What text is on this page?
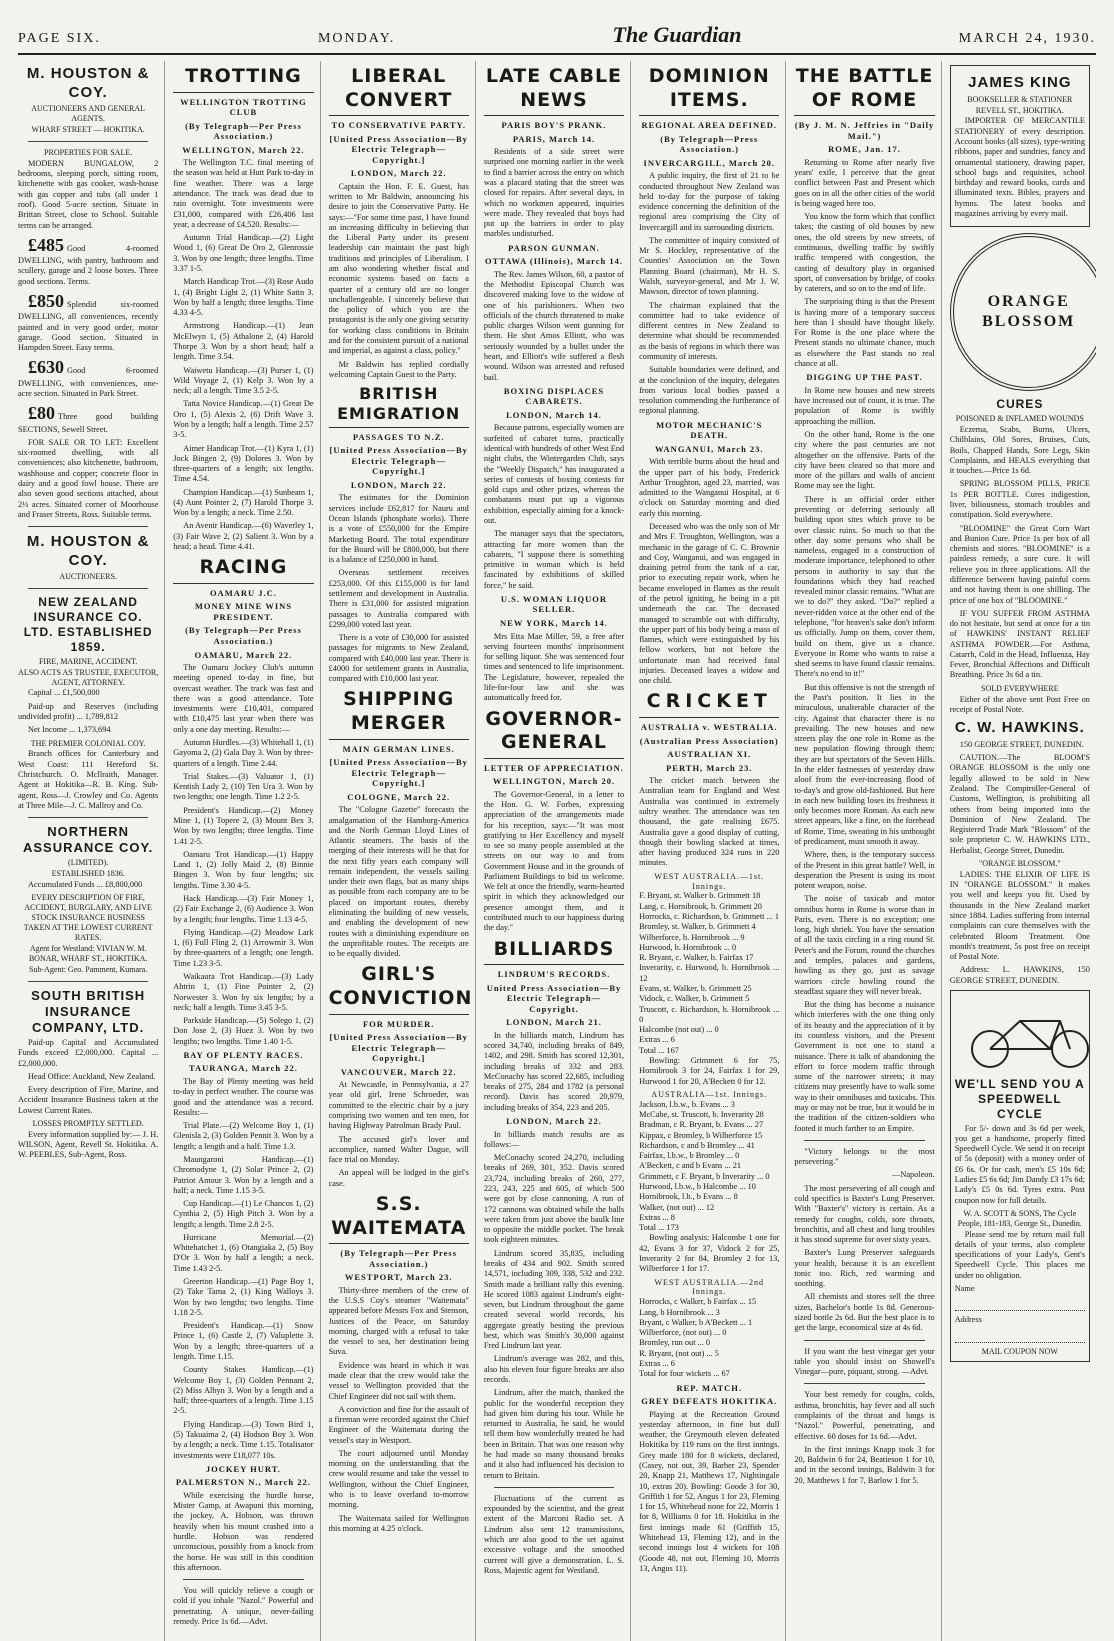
PAGE SIX.	MONDAY.	The Guardian	MARCH 24, 1930.
M. HOUSTON & COY.
AUCTIONEERS AND GENERAL AGENTS.
WHARF STREET — HOKITIKA.
PROPERTIES FOR SALE.

MODERN BUNGALOW, 2 bedrooms, sleeping porch, sitting room, kitchenette with gas cooker, wash-house with gas copper and tubs (all under 1 roof). Good 5-acre section. Situate in Brittan Street, close to School. Suitable terms can be arranged.

£485 Good 4-roomed DWELLING, with pantry, bathroom and scullery, garage and 2 loose boxes. Three good sections. Terms.

£850 Splendid six-roomed DWELLING, all conveniences, recently painted and in very good order, motor garage. Good section. Situated in Hampden Street. Easy terms.

£630 Good 6-roomed DWELLING, with conveniences, one-acre section. Situated in Park Street.

£80 Three good building SECTIONS, Sewell Street.

FOR SALE OR TO LET: Excellent six-roomed dwelling, with all conveniences; also kitchenette, bathroom, washhouse and copper; concrete floor in dairy and a good fowl house. There are also seven good sections attached, about 2½ acres. Situated corner of Moorhouse and Fraser Streets, Ross. Suitable terms.

M. HOUSTON & COY.
AUCTIONEERS.
NEW ZEALAND INSURANCE CO. LTD. ESTABLISHED 1859.
FIRE, MARINE, ACCIDENT.
ALSO ACTS AS TRUSTEE, EXECUTOR, AGENT, ATTORNEY.

Capital ... £1,500,000

Paid-up and Reserves (including undivided profit) ... 1,789,812

Net Income ... 1,373,694

THE PREMIER COLONIAL COY.

Branch offices for Canterbury and West Coast: 111 Hereford St. Christchurch. O. Mcllraith, Manager. Agent at Hokitika—R. B. King. Sub-agent, Ross—J. Crowley and Co. Agents at Three Mile—J. C. Mallroy and Co.

NORTHERN ASSURANCE COY.
(LIMITED).
ESTABLISHED 1836.

Accumulated Funds ... £8,800,000

EVERY DESCRIPTION OF FIRE, ACCIDENT, BURGLARY, AND LIVE STOCK INSURANCE BUSINESS TAKEN AT THE LOWEST CURRENT RATES.
Agent for Westland: VIVIAN W. M. BONAR, WHARF ST., HOKITIKA.
Sub-Agent: Geo. Pamment, Kumara.
SOUTH BRITISH INSURANCE COMPANY, LTD.

Paid-up Capital and Accumulated Funds exceed £2,000,000. Capital ... £2,000,000.

Head Office: Auckland, New Zealand.

Every description of Fire, Marine, and Accident Insurance Business taken at the Lowest Current Rates.

LOSSES PROMPTLY SETTLED.

Every information supplied by:— J. H. WILSON, Agent, Revell St. Hokitika. A. W. PEEBLES, Sub-Agent, Ross.

TROTTING
WELLINGTON TROTTING CLUB
(By Telegraph—Per Press Association.)
WELLINGTON, March 22.

The Wellington T.C. final meeting of the season was held at Hutt Park to-day in fine weather. There was a large attendance. The track was dead due to rain overnight. Tote investments were £31,000, compared with £26,406 last year, a decrease of £4,520. Results:—

Autumn Trial Handicap.—(2) Light Wood 1, (6) Great De Oro 2, Glenrossie 3. Won by one length; three lengths. Time 3.37 1-5.

March Handicap Trot.—(3) Rose Audo 1, (4) Bright Light 2, (1) White Satin 3. Won by half a length; three lengths. Time 4.33 4-5.

Armstrong Handicap.—(1) Jean McElwyn 1, (5) Athalone 2, (4) Harold Thorpe 3. Won by a short head; half a length. Time 3.54.

Waiwetu Handicap.—(3) Purser 1, (1) Wild Voyage 2, (1) Kelp 3. Won by a neck; all a length. Time 3.5 2-5.

Tatta Novice Handicap.—(1) Great De Oro 1, (5) Alexis 2, (6) Drift Wave 3. Won by a length; half a length. Time 2.57 3-5.

Aimer Handicap Trot.—(1) Kyra 1, (1) Jock Bingen 2, (9) Dolores 3. Won by three-quarters of a length; six lengths. Time 4.54.

Champion Handicap.—(1) Sunbeam 1, (4) Aunt Pointer 2, (7) Harold Thorpe 3. Won by a length; a neck. Time 2.50.

An Avenir Handicap.—(6) Waverley 1, (3) Fair Wave 2, (2) Salient 3. Won by a head; a head. Time 4.41.

RACING
OAMARU J.C.
MONEY MINE WINS PRESIDENT.
(By Telegraph—Per Press Association.)
OAMARU, March 22.

The Oamaru Jockey Club's autumn meeting opened to-day in fine, but overcast weather. The track was fast and there was a good attendance. Tote investments were £10,401, compared with £10,475 last year when there was only a one day meeting. Results:—

Autumn Hurdles.—(3) Whitehall 1, (1) Gayoma 2, (2) Gala Day 3. Won by three-quarters of a length. Time 2.44.

Trial Stakes.—(3) Valuator 1, (1) Kentish Lady 2, (10) Ten Ura 3. Won by two lengths; one length. Time 1.2 2-5.

President's Handicap.—(2) Money Mine 1, (1) Topere 2, (3) Mount Bex 3. Won by two lengths; three lengths. Time 1.41 2-5.

Oamaru Trot Handicap.—(1) Happy Land 1, (2) Jolly Maid 2, (8) Binnie Bingen 3. Won by four lengths; six lengths. Time 3.30 4-5.

Hack Handicap.—(3) Fair Money 1, (2) Fair Exchange 2, (6) Audience 3. Won by a length; four lengths. Time 1.13 4-5.

Flying Handicap.—(2) Meadow Lark 1, (6) Full Fling 2, (1) Arrowmir 3. Won by three-quarters of a length; one length. Time 1.23 3-5.

Waikaura Trot Handicap.—(3) Lady Ahtrin 1, (1) Fine Pointer 2, (2) Norwester 3. Won by six lengths; by a neck; half a length. Time 3.45 3-5.

Parkside Handicap.—(5) Solego 1, (2) Don Jose 2, (3) Huez 3. Won by two lengths; two lengths. Time 1.40 1-5.

BAY OF PLENTY RACES.
TAURANGA, March 22.

The Bay of Plenty meeting was held to-day in perfect weather. The course was good and the attendance was a record. Results:—

Trial Plate.—(2) Welcome Boy 1, (1) Glenisla 2, (3) Golden Pennit 3. Won by a length; a length and a half. Time 1.3.

Maungaroni Handicap.—(1) Chromodyne 1, (2) Solar Prince 2, (2) Patriot Amour 3. Won by a length and a half; a neck. Time 1.15 3-5.

Cup Handicap.—(1) Le Chancos 1, (2) Cynthia 2, (5) High Pitch 3. Won by a length; a length. Time 2.8 2-5.

Hurricane Memorial.—(2) Whitehatchet 1, (6) Otangiaka 2, (5) Boy D'Or 3. Won by half a length; a neck. Time 1.43 2-5.

Greerton Handicap.—(1) Page Boy 1, (2) Take Tama 2, (1) King Walloys 3. Won by two lengths; two lengths. Time 1.18 2-5.

President's Handicap.—(1) Snow Prince 1, (6) Castle 2, (7) Valuplette 3. Won by a length; three-quarters of a length. Time 1.15.

County Stakes Handicap.—(1) Welcome Boy 1, (3) Golden Pennant 2, (2) Miss Albyn 3. Won by a length and a half; three-quarters of a length. Time 1.15 2-5.

Flying Handicap.—(3) Town Bird 1, (5) Takuaima 2, (4) Hodson Boy 3. Won by a length; a neck. Time 1.15. Totalisator investments were £18,077 10s.

JOCKEY HURT.
PALMERSTON N., March 22.

While exercising the hurdle horse, Mister Gamp, at Awapuni this morning, the jockey, A. Hobson, was thrown heavily when his mount crashed into a hurdle. Hobson was rendered unconscious, possibly from a knock from the horse. He was still in this condition this afternoon.

You will quickly relieve a cough or cold if you inhale "Nazol." Powerful and penetrating. A unique, never-failing remedy. Price 1s 6d.—Advt.

LIBERAL CONVERT
TO CONSERVATIVE PARTY.
[United Press Association—By Electric Telegraph—Copyright.]
LONDON, March 22.

Captain the Hon. F. E. Guest, has written to Mr Baldwin, announcing his desire to join the Conservative Party. He says:—"For some time past, I have found an increasing difficulty in believing that the Liberal Party under its present leadership can maintain the past high traditions and principles of Liberalism. I am also wondering whether fiscal and economic systems based on facts a quarter of a century old are no longer unchallengeable. I sincerely believe that the policy of which you are the protagonist is the only one giving security for working class conditions in Britain and for the consistent pursuit of a national and imperial, as against a class, policy."

Mr Baldwin has replied cordially welcoming Captain Guest to the Party.

BRITISH EMIGRATION
PASSAGES TO N.Z.
[United Press Association—By Electric Telegraph—Copyright.]
LONDON, March 22.

The estimates for the Dominion services include £62,817 for Nauru and Ocean Islands (phosphate works). There is a vote of £550,000 for the Empire Marketing Board. The total expenditure for the Board will be £800,000, but there is a balance of £250,000 in hand.

Overseas settlement receives £253,000. Of this £155,000 is for land settlement and development in Australia. There is £31,000 for assisted migration passages to Australia compared with £299,000 voted last year.

There is a vote of £30,000 for assisted passages for migrants to New Zealand, compared with £40,000 last year. There is £4000 for settlement grants in Australia, compared with £10,000 last year.

SHIPPING MERGER
MAIN GERMAN LINES.
[United Press Association—By Electric Telegraph—Copyright.]
COLOGNE, March 22.

The "Cologne Gazette" forecasts the amalgamation of the Hamburg-America and the North German Lloyd Lines of Atlantic steamers. The basis of the merging of their interests will be that for the next fifty years each company will remain independent, the vessels sailing under their own flags, but as many ships as possible from each company are to be placed on important routes, thereby eliminating the building of new vessels, and enabling the development of new routes with a diminishing expenditure on the unprofitable routes. The receipts are to be equally divided.

GIRL'S CONVICTION
FOR MURDER.
[United Press Association—By Electric Telegraph—Copyright.]
VANCOUVER, March 22.

At Newcastle, in Pennsylvania, a 27 year old girl, Irene Schroeder, was committed to the electric chair by a jury comprising two women and ten men, for having Highway Patrolman Brady Paul.

The accused girl's lover and accomplice, named Walter Dague, will face trial on Monday.

An appeal will be lodged in the girl's case.

S.S. WAITEMATA
(By Telegraph—Per Press Association.)
WESTPORT, March 23.

Thirty-three members of the crew of the U.S.S Coy's steamer "Waitemata" appeared before Messrs Fox and Stenson, Justices of the Peace, on Saturday morning, charged with a refusal to take the vessel to sea, her destination being Suva.

Evidence was heard in which it was made clear that the crew would take the vessel to Wellington provided that the Chief Engineer did not sail with them.

A conviction and fine for the assault of a fireman were recorded against the Chief Engineer of the Waitemata during the vessel's stay in Westport.

The court adjourned until Monday morning on the understanding that the crew would resume and take the vessel to Wellington, without the Chief Engineer, who is to leave overland to-morrow morning.

The Waitemata sailed for Wellington this morning at 4.25 o'clock.

LATE CABLE NEWS
PARIS BOY'S PRANK.
PARIS, March 14.

Residents of a side street were surprised one morning earlier in the week to find a barrier across the entry on which was a placard stating that the street was closed for repairs. After several days, in which no workmen appeared, inquiries were made. They revealed that boys had put up the barriers in order to play marbles undisturbed.

PARSON GUNMAN.
OTTAWA (Illinois), March 14.

The Rev. James Wilson, 60, a pastor of the Methodist Episcopal Church was discovered making love to the widow of one of his parishioners. When two officials of the church threatened to make public charges Wilson went gunning for them. He shot Amos Elliott, who was seriously wounded by a bullet under the heart, and Elliott's wife suffered a flesh wound. Wilson was arrested and refused bail.

BOXING DISPLACES CABARETS.
LONDON, March 14.

Because patrons, especially women are surfeited of cabaret turns, practically identical with hundreds of other West End night clubs, the Wintergarden Club, says the "Weekly Dispatch," has inaugurated a series of contests of boxing contests for gold cups and other prizes, whereas the combatants must put up a vigorous exhibition, especially aiming for a knock-out.

The manager says that the spectators, attracting far more women than the cabarets, "I suppose there is something primitive in woman which is held fascinated by exhibitions of skilled force," he said.

U.S. WOMAN LIQUOR SELLER.
NEW YORK, March 14.

Mrs Etta Mae Miller, 59, a free after serving fourteen months' imprisonment for selling liquor. She was sentenced four times and sentenced to life imprisonment. The Legislature, however, repealed the life-for-four law and she was automatically freed for.

GOVERNOR-GENERAL
LETTER OF APPRECIATION.
WELLINGTON, March 20.

The Governor-General, in a letter to the Hon. G. W. Forbes, expressing appreciation of the arrangements made for his reception, says:—"It was most gratifying to Her Excellency and myself to see so many people assembled at the streets on our way to and from Government House and in the grounds of Parliament Buildings to bid us welcome. We felt at once the friendly, warm-hearted spirit in which they acknowledged our presence amongst them, and it contributed much to our happiness during the day."

BILLIARDS
LINDRUM'S RECORDS.
United Press Association—By Electric Telegraph—Copyright.
LONDON, March 21.

In the billiards match, Lindrum has scored 34,740, including breaks of 849, 1402, and 298. Smith has scored 12,301, including breaks of 332 and 283. McConachy has scored 22,685, including breaks of 275, 284 and 1782 (a personal record). Davis has scored 20,979, including breaks of 354, 223 and 205.

LONDON, March 22.

In billiards match results are as follows:—

McConachy scored 24,270, including breaks of 269, 301, 352. Davis scored 23,724, including breaks of 260, 277, 223, 243, 225 and 605, of which 500 were got by close cannoning. A run of 172 cannons was obtained while the balls were taken from just above the baulk line to opposite the middle pocket. The break took eighteen minutes.

Lindrum scored 35,835, including breaks of 434 and 902. Smith scored 14,571, including 309, 338, 532 and 232. Smith made a brilliant rally this evening. He scored 1083 against Lindrum's eight-seven, but Lindrum throughout the game created several world records, his aggregate greatly besting the previous best, which was Smith's 30,000 against Fred Lindrum last year.

Lindrum's average was 282, and this, also his eleven four figure breaks are also records.

Lindrum, after the match, thanked the public for the wonderful reception they had given him during his tour. While he returned to Australia, he said, he would tell them how wonderfully treated he had been in Britain. That was one reason why he had made so many thousand breaks and it also had influenced his decision to return to Britain.

Fluctuations of the current as expounded by the scientist, and the great extent of the Marconi Radio set. A Lindrum also sent 12 transmissions, which are also good to the set against excessive voltage and the smoothed current will give a demonstration. L. S. Ross, Majestic agent for Westland.

DOMINION ITEMS.
REGIONAL AREA DEFINED.
(By Telegraph—Press Association.)
INVERCARGILL, March 20.

A public inquiry, the first of 21 to be conducted throughout New Zealand was held to-day for the purpose of taking evidence concerning the definition of the regional area comprising the City of Invercargill and its surrounding districts.

The committee of inquiry consisted of Mr S. Hockley, representative of the Counties' Association on the Town Planning Board (chairman), Mr H. S. Walsh, surveyor-general, and Mr J. W. Mawson, director of town planning.

The chairman explained that the committee had to take evidence of different centres in New Zealand to determine what should be recommended as the basis of regions in which there was community of interests.

Suitable boundaries were defined, and at the conclusion of the inquiry, delegates from various local bodies passed a resolution commending the furtherance of regional planning.

MOTOR MECHANIC'S DEATH.
WANGANUI, March 23.

With terrible burns about the head and the upper part of his body, Frederick Arthur Troughton, aged 23, married, was admitted to the Wanganui Hospital, at 6 o'clock on Saturday morning and died early this morning.

Deceased who was the only son of Mr and Mrs F. Troughton, Wellington, was a mechanic in the garage of C. C. Brownie and Coy, Wanganui, and was engaged in draining petrol from the tank of a car, prior to executing repair work, when he became enveloped in flames as the result of the petrol igniting, he being in a pit underneath the car. The deceased managed to scramble out with difficulty, the upper part of his body being a mass of flames, which were extinguished by his fellow workers, but not before the unfortunate man had received fatal injuries. Deceased leaves a widow and one child.

CRICKET
AUSTRALIA v. WESTRALIA.
(Australian Press Association)
AUSTRALIAN XI.
PERTH, March 23.

The cricket match between the Australian team for England and West Australia was continued in extremely sultry weather. The attendance was ten thousand, the gate realising £675. Australia gave a good display of cutting, though their bowling slacked at times, after having produced 324 runs in 220 minutes.

WEST AUSTRALIA.—1st. Innings.
F. Bryant, st. Walker b. Grimmett 18
Lang, c. Hornibrook, b. Grimmett 20
Horrocks, c. Richardson, b. Grimmett ... 1
Bromley, st. Walker, b. Grimmett 4
Wilberforce, b. Hornibrook ... 9
Hurwood, b. Hornibrook ... 0
R. Bryant, c. Walker, b. Fairfax 17
Inverarity, c. Hurwood, b. Hornibrook ... 12
Evans, st. Walker, b. Grimmett 25
Vidock, c. Walker, b. Grimmett 5
Truscott, c. Richardson, b. Hornibrook ... 0
Halcombe (not out) ... 0
Extras ... 6
Total ... 167

Bowling: Grimmett 6 for 75, Hornibrook 3 for 24, Fairfax 1 for 29, Hurwood 1 for 20, A'Beckett 0 for 12.

AUSTRALIA—1st. Innings.
Jackson, l.b.w., b. Evans ... 3
McCabe, st. Truscott, b. Inverarity 28
Bradman, c R. Bryant, b. Evans ... 27
Kippax, c Bromley, b Wilberforce 15
Richardson, c and b Bromley ... 41
Fairfax, l.b.w., b Bromley ... 0
A'Beckett, c and b Evans ... 21
Grimmett, c F. Bryant, b Inverarity ... 0
Hurwood, l.b.w., b Halcombe ... 10
Hornibrook, l.b., b Evans ... 8
Walker, (not out) ... 12
Extras ... 8
Total ... 173

Bowling analysis: Halcombe 1 one for 42, Evans 3 for 37, Vidock 2 for 25, Inverarity 2 for 84, Bromley 2 for 13, Wilberforce 1 for 17.

WEST AUSTRALIA.—2nd Innings.
Horrocks, c Walker, b Fairfax ... 15
Lang, b Hornibrook ... 3
Bryant, c Walker, b A'Beckett ... 1
Wilberforce, (not out) ... 0
Bromley, run out ... 0
R. Bryant, (not out) ... 5
Extras ... 6
Total for four wickets ... 67
REP. MATCH.
GREY DEFEATS HOKITIKA.

Playing at the Recreation Ground yesterday afternoon, in fine but dull weather, the Greymouth eleven defeated Hokitika by 119 runs on the first innings. Grey made 180 for 8 wickets, declared, (Casey, not out, 39, Barber 23, Spender 20, Knapp 21, Matthews 17, Nightingale 10, extras 20). Bowling: Goode 3 for 30, Griffith 1 for 52, Angus 1 for 23, Fleming 1 for 15, Whitehead none for 22, Morris 1 for 8, Williams 0 for 18. Hokitika in the first innings made 61 (Griffith 15, Whitehead 13, Fleming 12), and in the second innings lost 4 wickets for 108 (Goode 48, not out, Fleming 10, Morris 13, Angus 11).

THE BATTLE OF ROME
(By J. M. N. Jeffries in "Daily Mail.")
ROME, Jan. 17.

Returning to Rome after nearly five years' exile, I perceive that the great conflict between Past and Present which goes on in all the other cities of the world is being waged here too.

You know the form which that conflict takes; the casting of old houses by new ones, the old streets by new streets, of continuous, dwelling traffic by swiftly traffic tempered with congestion, the casting of desultory play in organised sport, of conversation by bridge, of cooks by caterers, and so on to the end of life.

The surprising thing is that the Present is having more of a temporary success here than I should have thought likely. For Rome is the one place where the Present stands no ultimate chance, much as elsewhere the Past stands no real chance at all.

DIGGING UP THE PAST.

In Rome new houses and new streets have increased out of count, it is true. The population of Rome is swiftly approaching the million.

On the other hand, Rome is the one city where the past centuries are not altogether on the offensive. Parts of the city have been cleared so that more and more of the pillars and walls of ancient Rome may see the light.

There is an official order either preventing or deferring seriously all building upon sites which prove to be over classic ruins. So much so that the other day some persons who shall be nameless, engaged in a construction of moderate importance, telephoned to other persons in authority to say that the foundations which they had reached revealed minor classic remains. "What are we to do?" they asked. "Do?" replied a never-ridden voice at the other end of the telephone, "for heaven's sake don't inform us officially. Jump on them, cover them, build on them, give us a chance. Everyone in Rome who wants to raise a shed seems to have found classic remains. There's no end to it!"

But this offensive is not the strength of the Past's position. It lies in the miraculous, unalterable character of the city. Against that character there is no prevailing. The new houses and new streets play the one role in Rome as the new population flowing through them; they are but spectators of the Seven Hills. In the elder fastnesses of yesterday draw aloof from the ever-increasing flood of to-day's and grow old-fashioned. But here in each new building loses its freshness it only becomes more Roman. As each new street appears, like a fine, on the forehead of Rome, Time, sweating in his unthought of predicament, must smooth it away.

Where, then, is the temporary success of the Present in this great battle? Well, in desperation the Present is using its most potent weapon, noise.

The noise of taxicab and motor omnibus horns in Rome is worse than in Paris, even. There is no exception; one long, high shriek. You have the sensation of all the taxis circling in a ring round St. Peter's and the Forum, round the churches and temples, palaces and gardens, howling as they go, just as savage warriors circle howling round the steadfast square they will never break.

But the thing has become a nuisance which interferes with the one thing only of its beauty and the appreciation of it by its countless visitors, and the Present Government is not one to stand a nuisance. There is talk of abandoning the effort to force modern traffic through some of the narrower streets; it may citizens may presently have to walk some way to their omnibuses and taxicabs. This may or may not be true, but it would be in the tradition of the citizen-soldiers who footed it much farther to an Empire.

"Victory belongs to the most persevering."

—Napoleon.

The most persevering of all cough and cold specifics is Baxter's Lung Preserver. With "Baxter's" victory is certain. As a remedy for coughs, colds, sore throats, bronchitis, and all chest and lung troubles it has stood supreme for over sixty years.

Baxter's Lung Preserver safeguards your health, because it is an excellent tonic too. Rich, red warming and soothing.

All chemists and stores sell the three sizes, Bachelor's bottle 1s 8d. Generous-sized bottle 2s 6d. But the best place is to get the large, economical size at 4s 6d.

If you want the best vinegar get your table you should insist on Showell's Vinegar—pure, piquant, strong. —Advt.

Your best remedy for coughs, colds, asthma, bronchitis, hay fever and all such complaints of the throat and lungs is "Nazol." Powerful, penetrating, and effective. 60 doses for 1s 6d.—Advt.

In the first innings Knapp took 3 for 20, Baldwin 6 for 24, Beatieson 1 for 10, and in the second innings, Baldwin 3 for 20, Matthews 1 for 7, Barlow 1 for 5.

JAMES KING
BOOKSELLER & STATIONER
REVELL ST., HOKITIKA.

IMPORTER OF MERCANTILE STATIONERY of every description. Account books (all sizes), type-writing ribbons, paper and sundries, fancy and ornamental stationery, drawing paper, school bags and requisites, school birthday and reward books, cards and illuminated texts. Bibles, prayers and hymns. The latest books and magazines arriving by every mail.

ORANGE BLOSSOM
CURES
POISONED & INFLAMED WOUNDS

Eczema, Scabs, Burns, Ulcers, Chilblains, Old Sores, Bruises, Cuts, Boils, Chapped Hands, Sore Legs, Skin Complaints, and HEALS everything that it touches.—Price 1s 6d.

SPRING BLOSSOM PILLS, PRICE 1s PER BOTTLE. Cures indigestion, liver, biliousness, stomach troubles and constipation. Sold everywhere.

"BLOOMINE" the Great Corn Wart and Bunion Cure. Price 1s per box of all chemists and stores. "BLOOMINE" is a painless remedy, a sure cure. It will relieve you in three applications. All the difference between having painful corns and not having them is one shilling. The price of one box of "BLOOMINE."

IF YOU SUFFER FROM ASTHMA do not hesitate, but send at once for a tin of HAWKINS' INSTANT RELIEF ASTHMA POWDER.—For Asthma, Catarrh, Cold in the Head, Influenza, Hay Fever, Bronchial Affections and Difficult Breathing. Price 3s 6d a tin.

SOLD EVERYWHERE

Either of the above sent Post Free on receipt of Postal Note.

C. W. HAWKINS.

150 GEORGE STREET, DUNEDIN.

CAUTION.—The BLOOM'S ORANGE BLOSSOM is the only one legally allowed to be sold in New Zealand. The Comptroller-General of Customs, Wellington, is prohibiting all others from being imported into the Dominion of New Zealand. The Registered Trade Mark "Blossom" of the sole proprietor C. W. HAWKINS LTD., Herbalist, George Street, Dunedin.

"ORANGE BLOSSOM."

LADIES: THE ELIXIR OF LIFE IS IN "ORANGE BLOSSOM." It makes you well and keeps you fit. Used by thousands in the New Zealand market since 1884. Ladies suffering from internal complaints can cure themselves with the celebrated Bloom Treatment. One month's treatment, 5s post free on receipt of Postal Note.

Address: L. HAWKINS, 150 GEORGE STREET, DUNEDIN.

WE'LL SEND YOU A SPEEDWELL CYCLE

For 5/- down and 3s 6d per week, you get a handsome, properly fitted Speedwell Cycle. We send it on receipt of 5s (deposit) with a money order of £6 6s. Or for cash, men's £5 10s 6d; Ladies £5 6s 6d; Jim Dandy £3 17s 6d; Lady's £5 0s 6d. Tyres extra. Post coupon now for full details.

W. A. SCOTT & SONS, The Cycle People, 181-183, George St., Dunedin.

Please send me by return mail full details of your terms, also complete specifications of your Lady's, Gent's Speedwell Cycle. This places me under no obligation.

Name
Address
MAIL COUPON NOW
